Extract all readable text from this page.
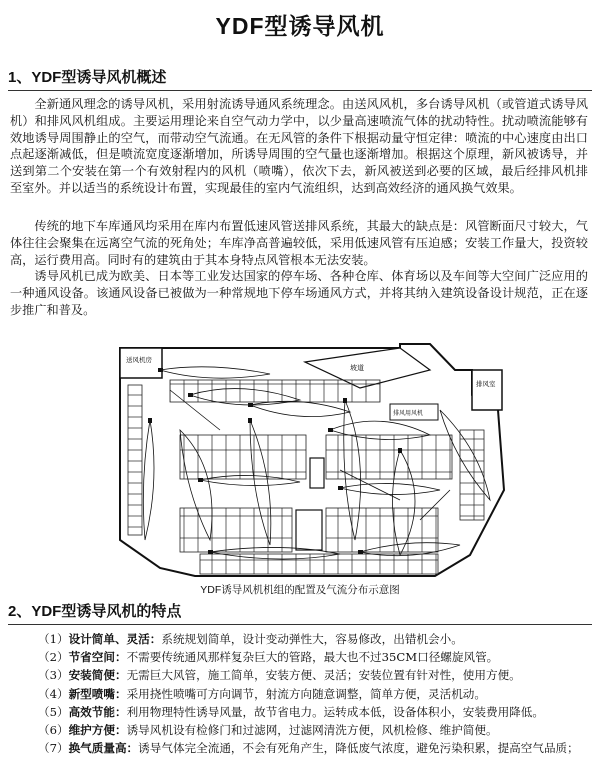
YDF型诱导风机
1、YDF型诱导风机概述

全新通风理念的诱导风机，采用射流诱导通风系统理念。由送风风机，多台诱导风机（或管道式诱导风机）和排风风机组成。主要运用理论来自空气动力学中，以少量高速喷流气体的扰动特性。扰动喷流能够有效地诱导周围静止的空气，而带动空气流通。在无风管的条件下根据动量守恒定律：喷流的中心速度由出口点起逐渐减低，但是喷流宽度逐渐增加，所诱导周围的空气量也逐渐增加。根据这个原理，新风被诱导，并送到第二个安装在第一个有效射程内的风机（喷嘴），依次下去，新风被送到必要的区域，最后经排风机排至室外。并以适当的系统设计布置，实现最佳的室内气流组织，达到高效经济的通风换气效果。

传统的地下车库通风均采用在库内布置低速风管送排风系统，其最大的缺点是：风管断面尺寸较大，气体往往会聚集在远离空气流的死角处；车库净高普遍较低，采用低速风管有压迫感；安装工作量大，投资较高，运行费用高。同时有的建筑由于其本身特点风管根本无法安装。

诱导风机已成为欧美、日本等工业发达国家的停车场、各种仓库、体育场以及车间等大空间广泛应用的一种通风设备。该通风设备已被做为一种常规地下停车场通风方式，并将其纳入建筑设备设计规范，正在逐步推广和普及。

送风机房
排风室
坡道
排风用风机
YDF诱导风机机组的配置及气流分布示意图
2、YDF型诱导风机的特点
（1）设计简单、灵活：系统规划简单，设计变动弹性大，容易修改，出错机会小。
（2）节省空间：不需要传统通风那样复杂巨大的管路，最大也不过35CM口径螺旋风管。
（3）安装简便：无需巨大风管，施工简单，安装方便、灵活；安装位置有针对性，使用方便。
（4）新型喷嘴：采用挠性喷嘴可方向调节，射流方向随意调整，简单方便，灵活机动。
（5）高效节能：利用物理特性诱导风量，故节省电力。运转成本低，设备体积小，安装费用降低。
（6）维护方便：诱导风机设有检修门和过滤网，过滤网清洗方便，风机检修、维护简便。
（7）换气质量高：诱导气体完全流通，不会有死角产生，降低废气浓度，避免污染积累，提高空气品质；
